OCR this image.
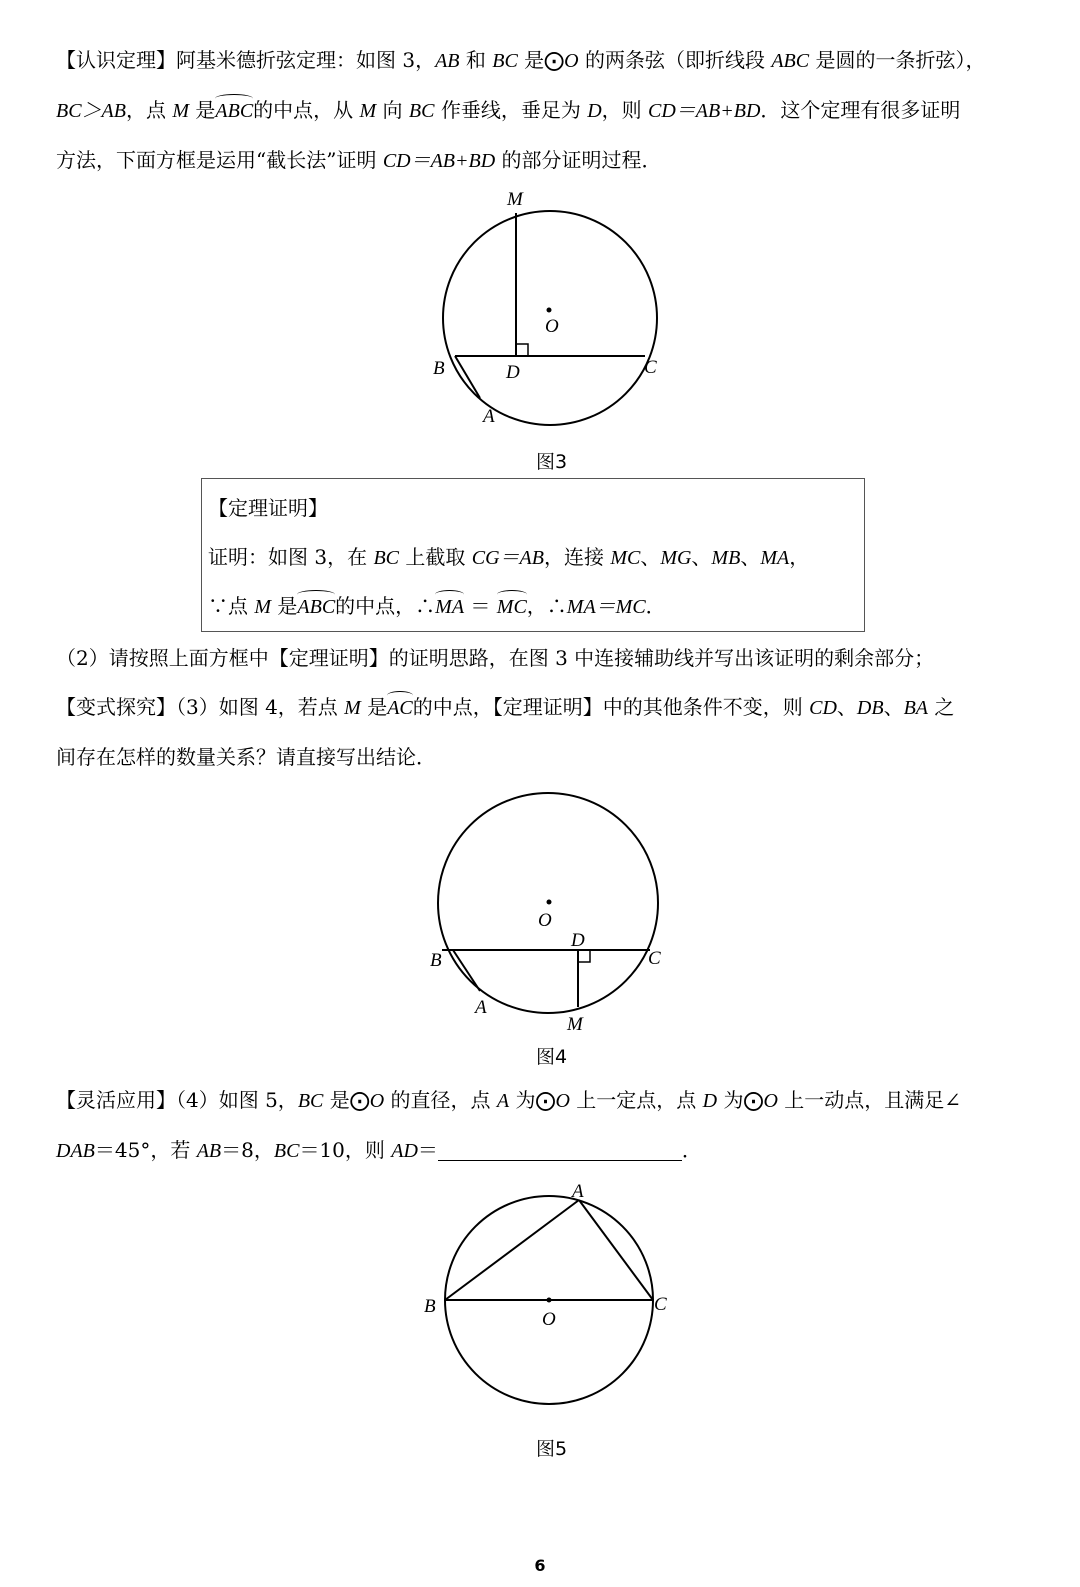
【认识定理】阿基米德折弦定理：如图 3，AB 和 BC 是⨀O 的两条弦（即折线段 ABC 是圆的一条折弦），
BC＞AB，点 M 是ABC的中点，从 M 向 BC 作垂线，垂足为 D，则 CD＝AB+BD．这个定理有很多证明
方法，下面方框是运用“截长法”证明 CD＝AB+BD 的部分证明过程．
M
O
B	D	C
A
图3
【定理证明】
证明：如图 3，在 BC 上截取 CG＝AB，连接 MC、MG、MB、MA，
∵点 M 是ABC的中点，∴MA ＝ MC，∴MA＝MC．
（2）请按照上面方框中【定理证明】的证明思路，在图 3 中连接辅助线并写出该证明的剩余部分；
【变式探究】（3）如图 4，若点 M 是AC的中点，【定理证明】中的其他条件不变，则 CD、DB、BA 之
间存在怎样的数量关系？请直接写出结论．
O
D
B	C
A
M
图4
【灵活应用】（4）如图 5，BC 是⨀O 的直径，点 A 为⨀O 上一定点，点 D 为⨀O 上一动点，且满足∠
DAB＝45°，若 AB＝8，BC＝10，则 AD＝	．
A
B
O
C
图5
6
